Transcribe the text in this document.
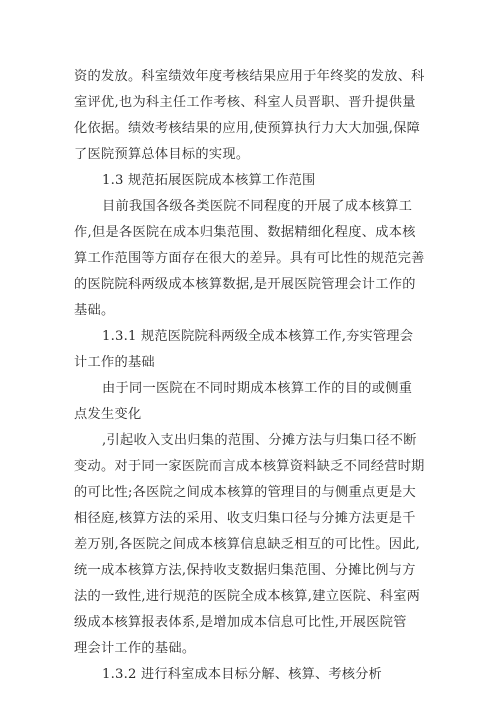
资的发放。科室绩效年度考核结果应用于年终奖的发放、科
室评优,也为科主任工作考核、科室人员晋职、晋升提供量
化依据。绩效考核结果的应用,使预算执行力大大加强,保障
了医院预算总体目标的实现。
1.3 规范拓展医院成本核算工作范围
目前我国各级各类医院不同程度的开展了成本核算工
作,但是各医院在成本归集范围、数据精细化程度、成本核
算工作范围等方面存在很大的差异。具有可比性的规范完善
的医院院科两级成本核算数据,是开展医院管理会计工作的
基础。
1.3.1 规范医院院科两级全成本核算工作,夯实管理会
计工作的基础
由于同一医院在不同时期成本核算工作的目的或侧重
点发生变化
,引起收入支出归集的范围、分摊方法与归集口径不断
变动。对于同一家医院而言成本核算资料缺乏不同经营时期
的可比性;各医院之间成本核算的管理目的与侧重点更是大
相径庭,核算方法的采用、收支归集口径与分摊方法更是千
差万别,各医院之间成本核算信息缺乏相互的可比性。因此,
统一成本核算方法,保持收支数据归集范围、分摊比例与方
法的一致性,进行规范的医院全成本核算,建立医院、科室两
级成本核算报表体系,是增加成本信息可比性,开展医院管
理会计工作的基础。
1.3.2 进行科室成本目标分解、核算、考核分析
